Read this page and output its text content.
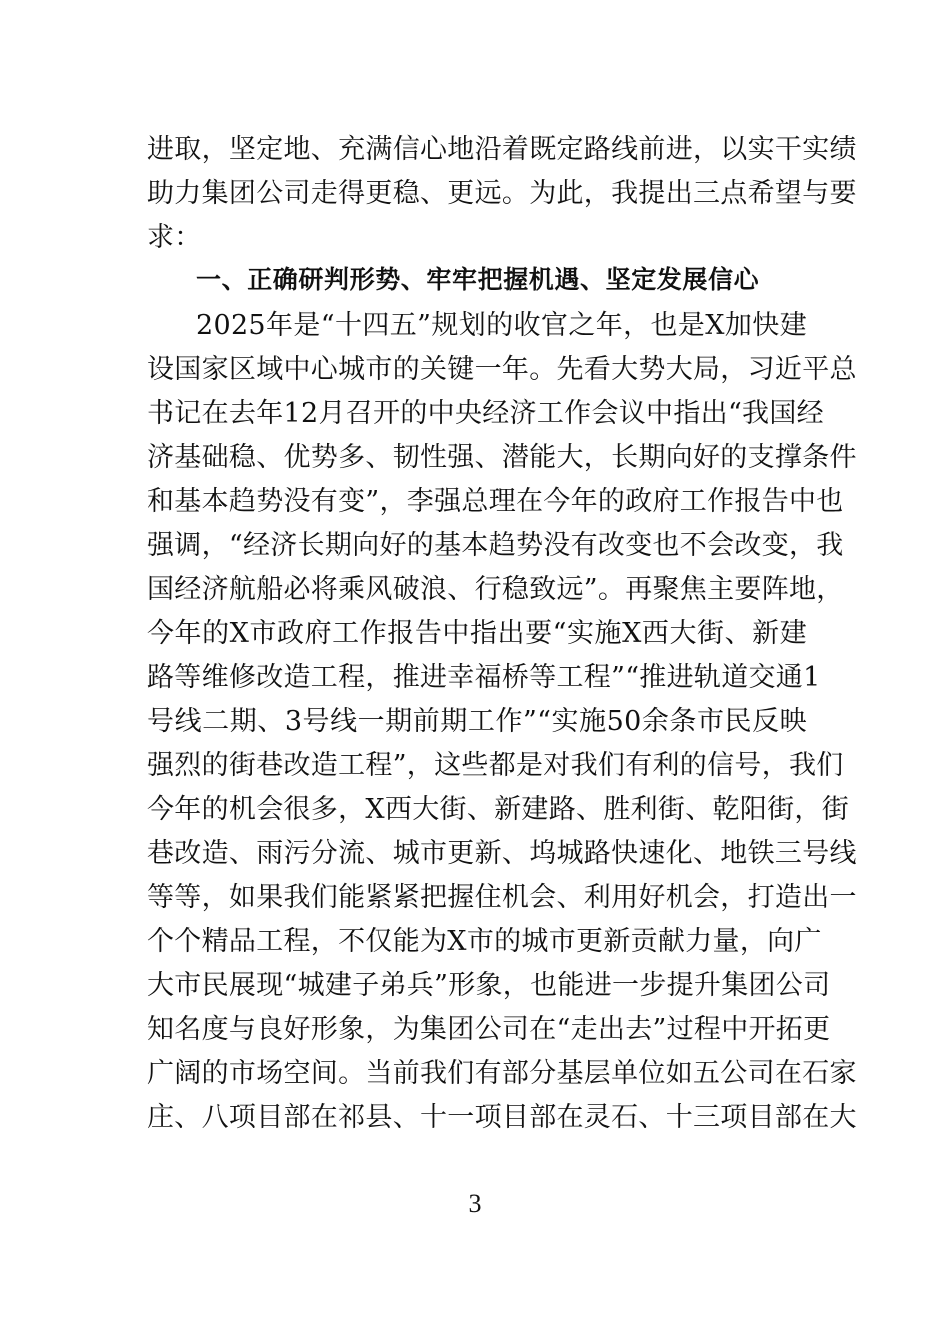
进取，坚定地、充满信心地沿着既定路线前进，以实干实绩
助力集团公司走得更稳、更远。为此，我提出三点希望与要
求：
一、正确研判形势、牢牢把握机遇、坚定发展信心
2025年是“十四五”规划的收官之年，也是X加快建
设国家区域中心城市的关键一年。先看大势大局，习近平总
书记在去年12月召开的中央经济工作会议中指出“我国经
济基础稳、优势多、韧性强、潜能大，长期向好的支撑条件
和基本趋势没有变”，李强总理在今年的政府工作报告中也
强调，“经济长期向好的基本趋势没有改变也不会改变，我
国经济航船必将乘风破浪、行稳致远”。再聚焦主要阵地，
今年的X市政府工作报告中指出要“实施X西大街、新建
路等维修改造工程，推进幸福桥等工程”“推进轨道交通1
号线二期、3号线一期前期工作”“实施50余条市民反映
强烈的街巷改造工程”，这些都是对我们有利的信号，我们
今年的机会很多，X西大街、新建路、胜利街、乾阳街，街
巷改造、雨污分流、城市更新、坞城路快速化、地铁三号线
等等，如果我们能紧紧把握住机会、利用好机会，打造出一
个个精品工程，不仅能为X市的城市更新贡献力量，向广
大市民展现“城建子弟兵”形象，也能进一步提升集团公司
知名度与良好形象，为集团公司在“走出去”过程中开拓更
广阔的市场空间。当前我们有部分基层单位如五公司在石家
庄、八项目部在祁县、十一项目部在灵石、十三项目部在大
3
